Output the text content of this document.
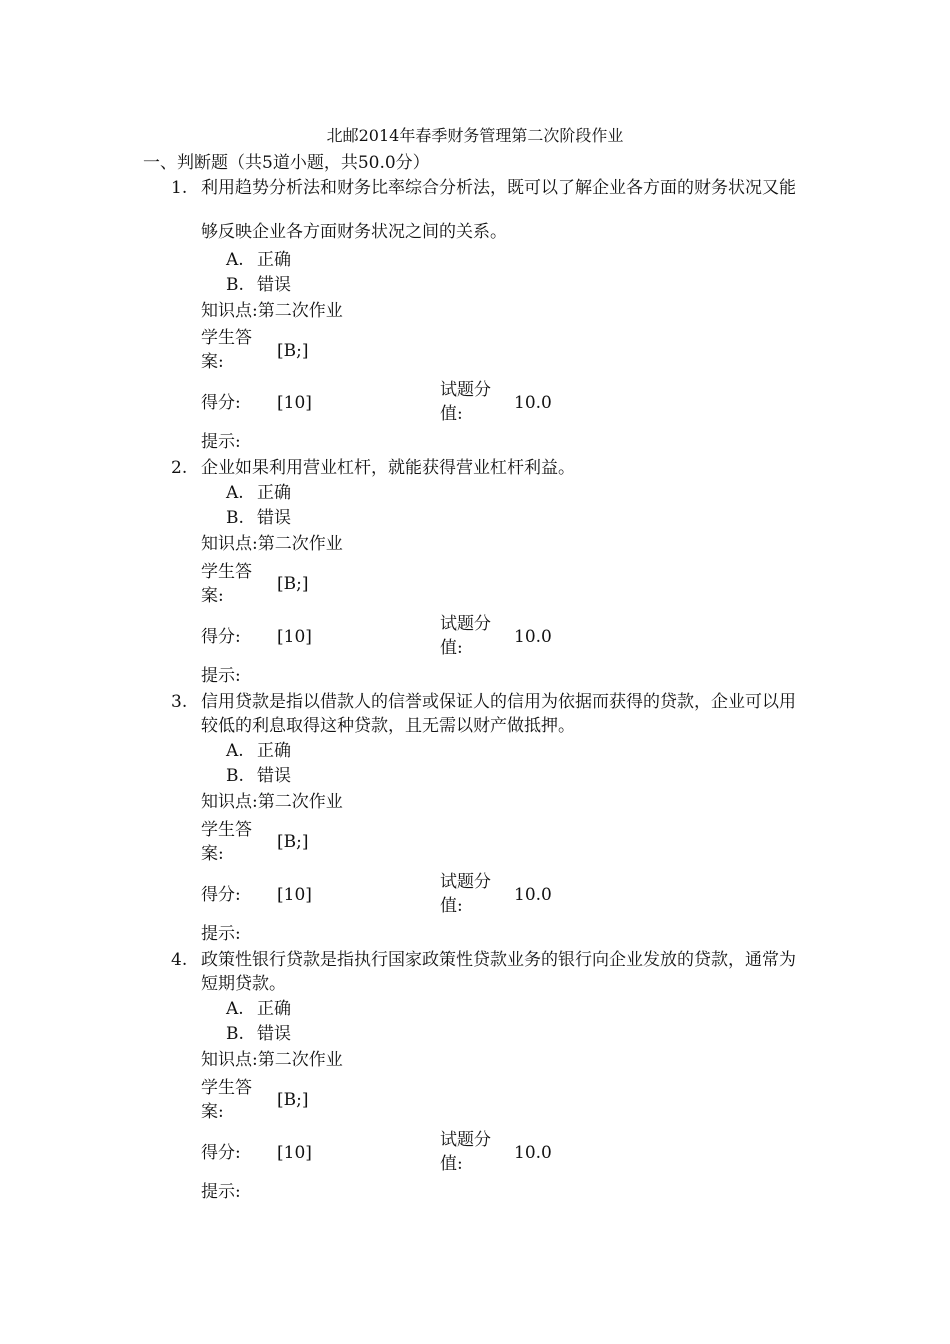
北邮2014年春季财务管理第二次阶段作业
一、判断题（共5道小题，共50.0分）
1. 利用趋势分析法和财务比率综合分析法，既可以了解企业各方面的财务状况又能够反映企业各方面财务状况之间的关系。
A. 正确
B. 错误
知识点:第二次作业
学生答案:
[B;]
得分: [10]
试题分值:
10.0
提示:
2. 企业如果利用营业杠杆，就能获得营业杠杆利益。
A. 正确
B. 错误
知识点:第二次作业
学生答案:
[B;]
得分: [10]
试题分值:
10.0
提示:
3. 信用贷款是指以借款人的信誉或保证人的信用为依据而获得的贷款，企业可以用较低的利息取得这种贷款，且无需以财产做抵押。
A. 正确
B. 错误
知识点:第二次作业
学生答案:
[B;]
得分: [10]
试题分值:
10.0
提示:
4. 政策性银行贷款是指执行国家政策性贷款业务的银行向企业发放的贷款，通常为短期贷款。
A. 正确
B. 错误
知识点:第二次作业
学生答案:
[B;]
得分: [10]
试题分值:
10.0
提示:
